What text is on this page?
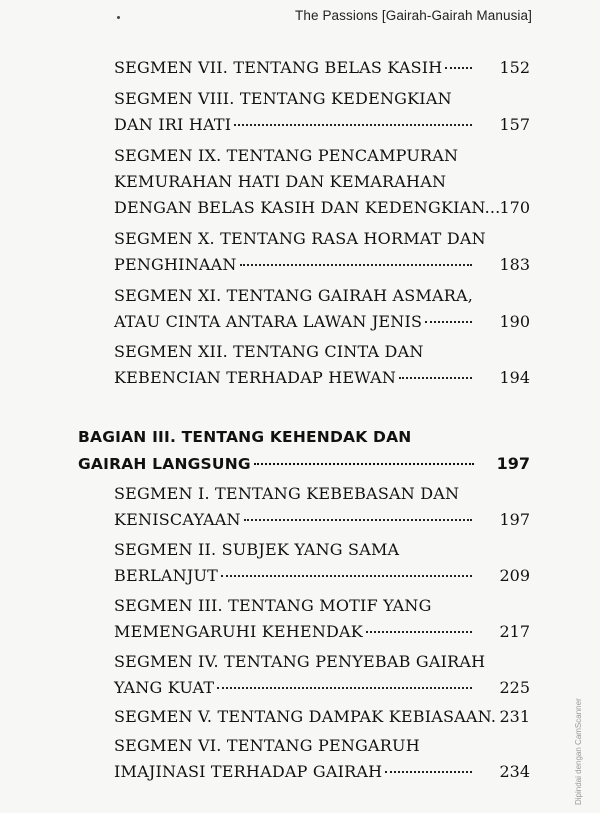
The Passions [Gairah-Gairah Manusia]
SEGMEN VII. TENTANG BELAS KASIH	152
SEGMEN VIII. TENTANG KEDENGKIAN
DAN IRI HATI	157
SEGMEN IX. TENTANG PENCAMPURAN
KEMURAHAN HATI DAN KEMARAHAN
DENGAN BELAS KASIH DAN KEDENGKIAN... 170
SEGMEN X. TENTANG RASA HORMAT DAN
PENGHINAAN	183
SEGMEN XI. TENTANG GAIRAH ASMARA,
ATAU CINTA ANTARA LAWAN JENIS	190
SEGMEN XII. TENTANG CINTA DAN
KEBENCIAN TERHADAP HEWAN	194
BAGIAN III. TENTANG KEHENDAK DAN
GAIRAH LANGSUNG	197
SEGMEN I. TENTANG KEBEBASAN DAN
KENISCAYAAN	197
SEGMEN II. SUBJEK YANG SAMA
BERLANJUT	209
SEGMEN III. TENTANG MOTIF YANG
MEMENGARUHI KEHENDAK	217
SEGMEN IV. TENTANG PENYEBAB GAIRAH
YANG KUAT	225
SEGMEN V. TENTANG DAMPAK KEBIASAAN. 231
SEGMEN VI. TENTANG PENGARUH
IMAJINASI TERHADAP GAIRAH	234	Dipindai dengan CamScanner
